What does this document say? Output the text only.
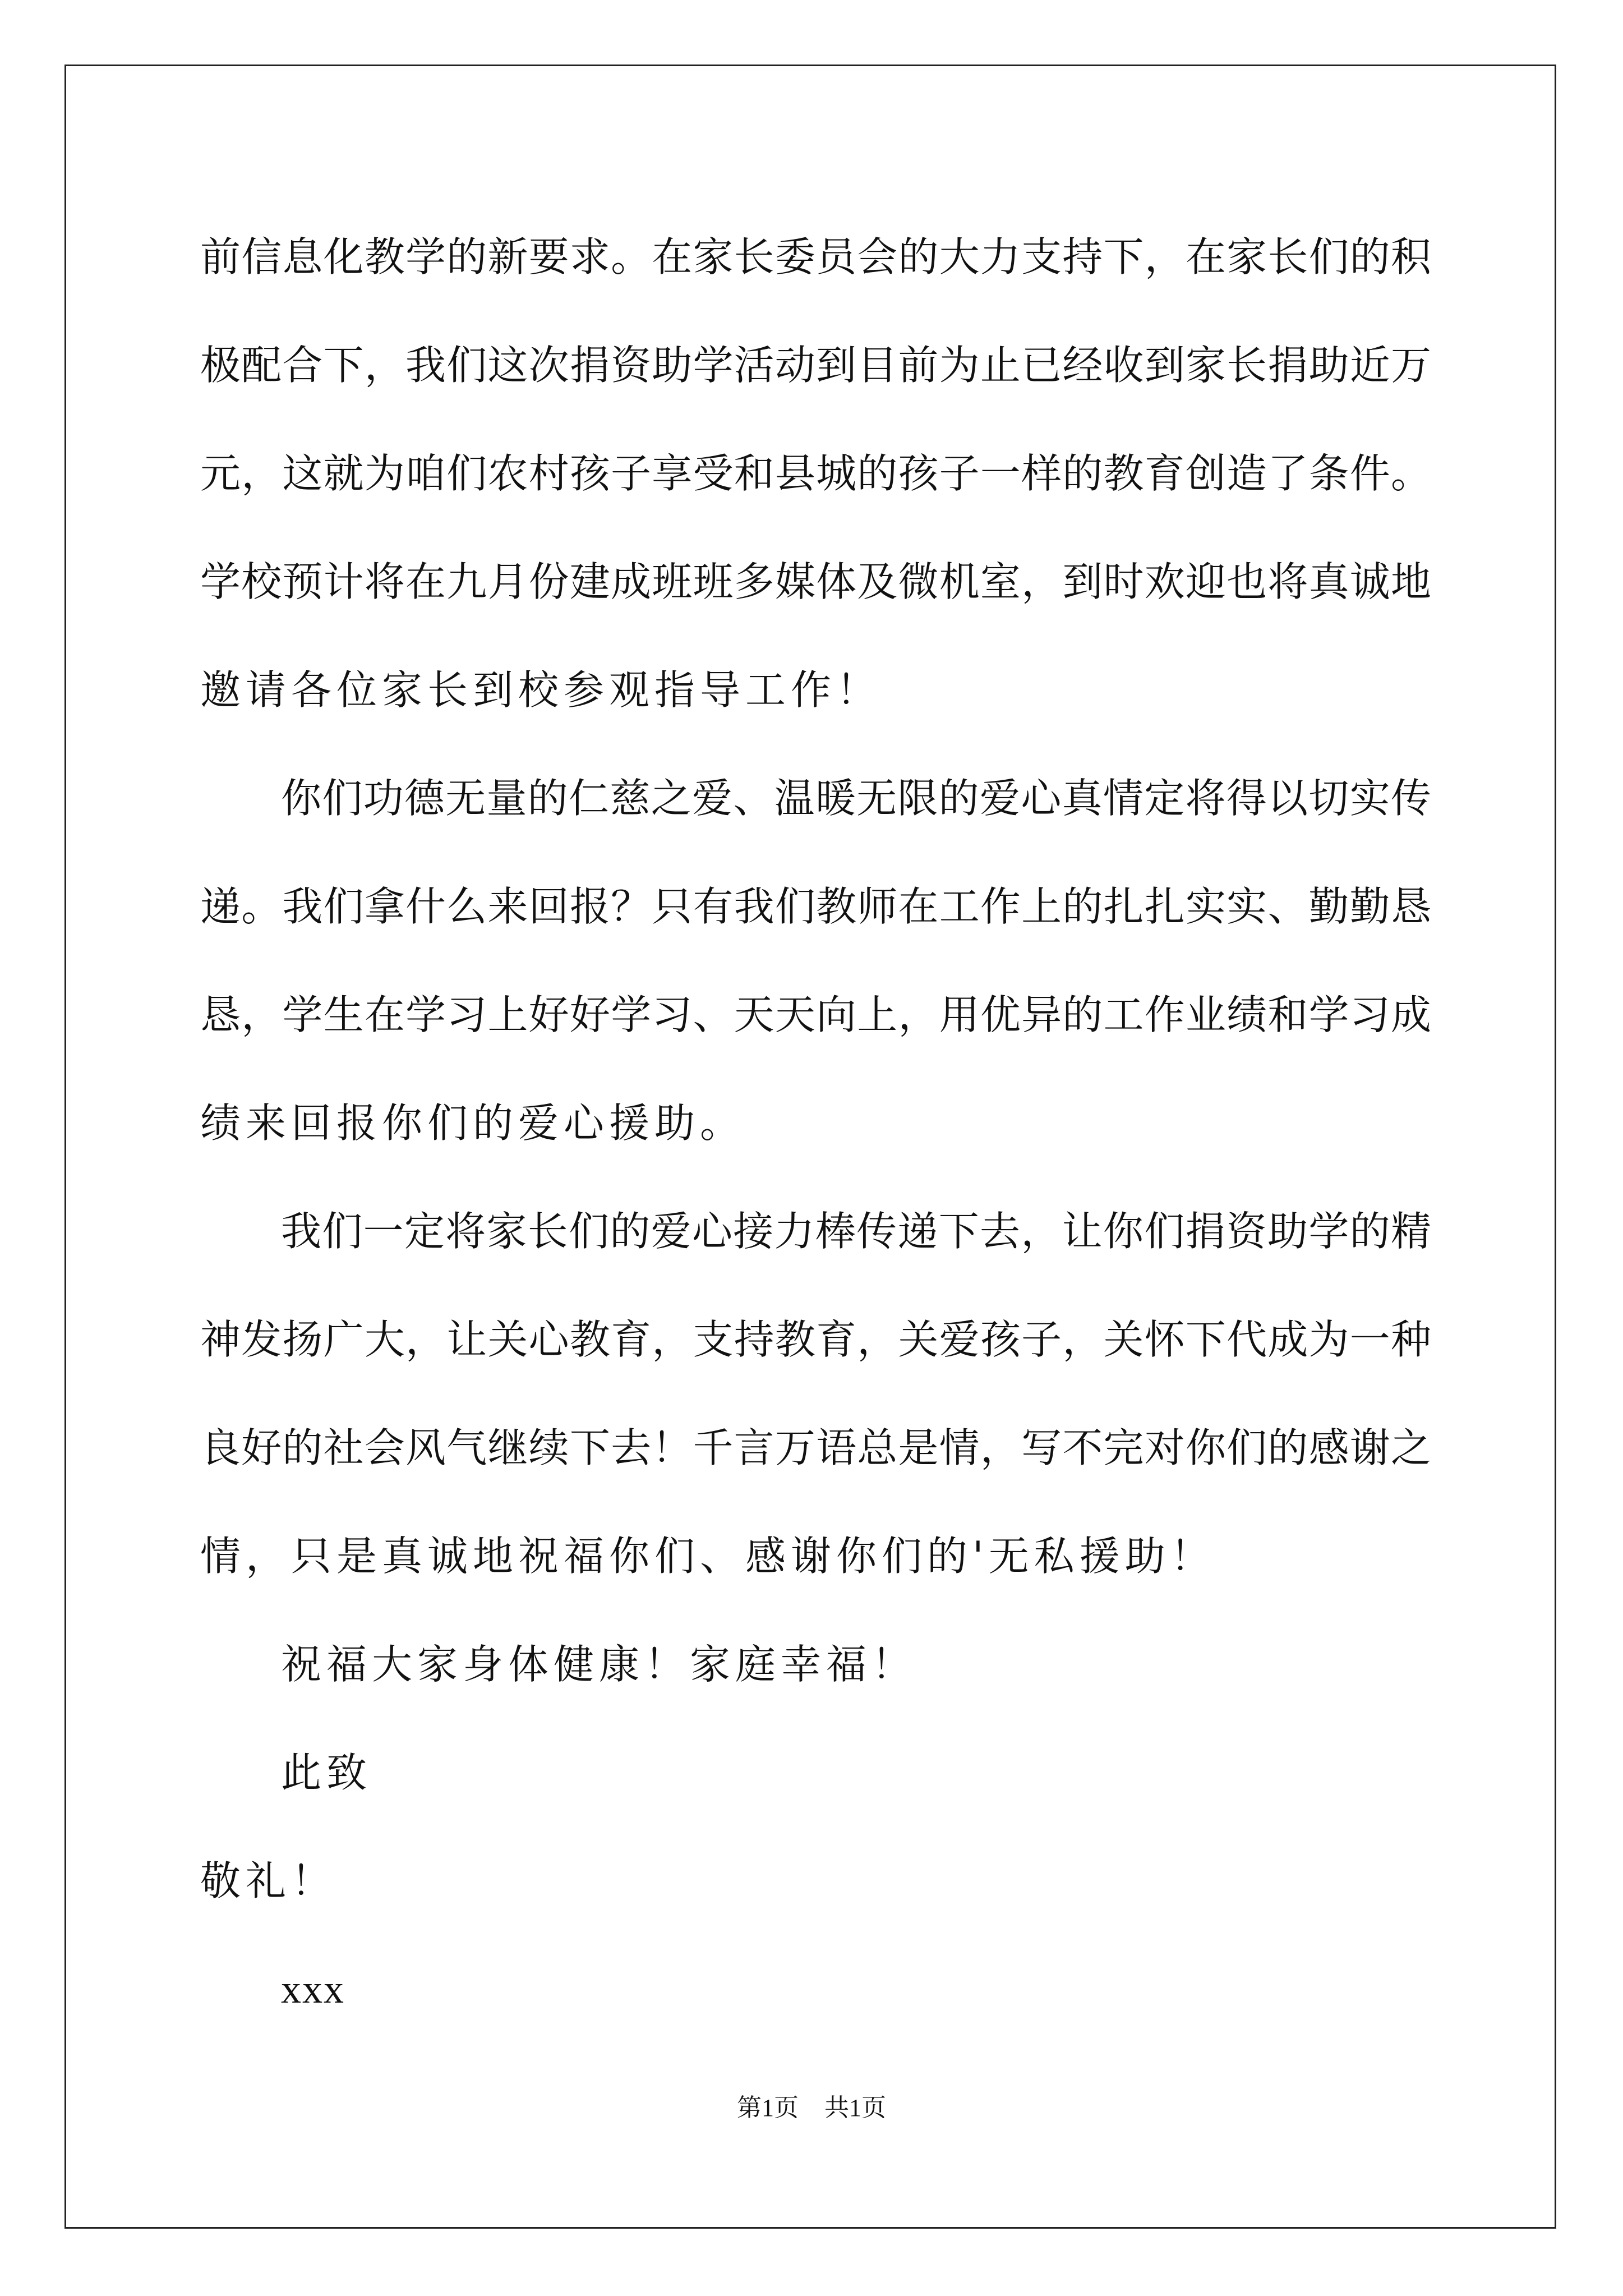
前信息化教学的新要求。在家长委员会的大力支持下，在家长们的积
极配合下，我们这次捐资助学活动到目前为止已经收到家长捐助近万
元，这就为咱们农村孩子享受和县城的孩子一样的教育创造了条件。
学校预计将在九月份建成班班多媒体及微机室，到时欢迎也将真诚地
邀请各位家长到校参观指导工作！
你们功德无量的仁慈之爱、温暖无限的爱心真情定将得以切实传
递。我们拿什么来回报？只有我们教师在工作上的扎扎实实、勤勤恳
恳，学生在学习上好好学习、天天向上，用优异的工作业绩和学习成
绩来回报你们的爱心援助。
我们一定将家长们的爱心接力棒传递下去，让你们捐资助学的精
神发扬广大，让关心教育，支持教育，关爱孩子，关怀下代成为一种
良好的社会风气继续下去！千言万语总是情，写不完对你们的感谢之
情，只是真诚地祝福你们、感谢你们的'无私援助！
祝福大家身体健康！家庭幸福！
此致
敬礼！
xxx
第1页 共1页
